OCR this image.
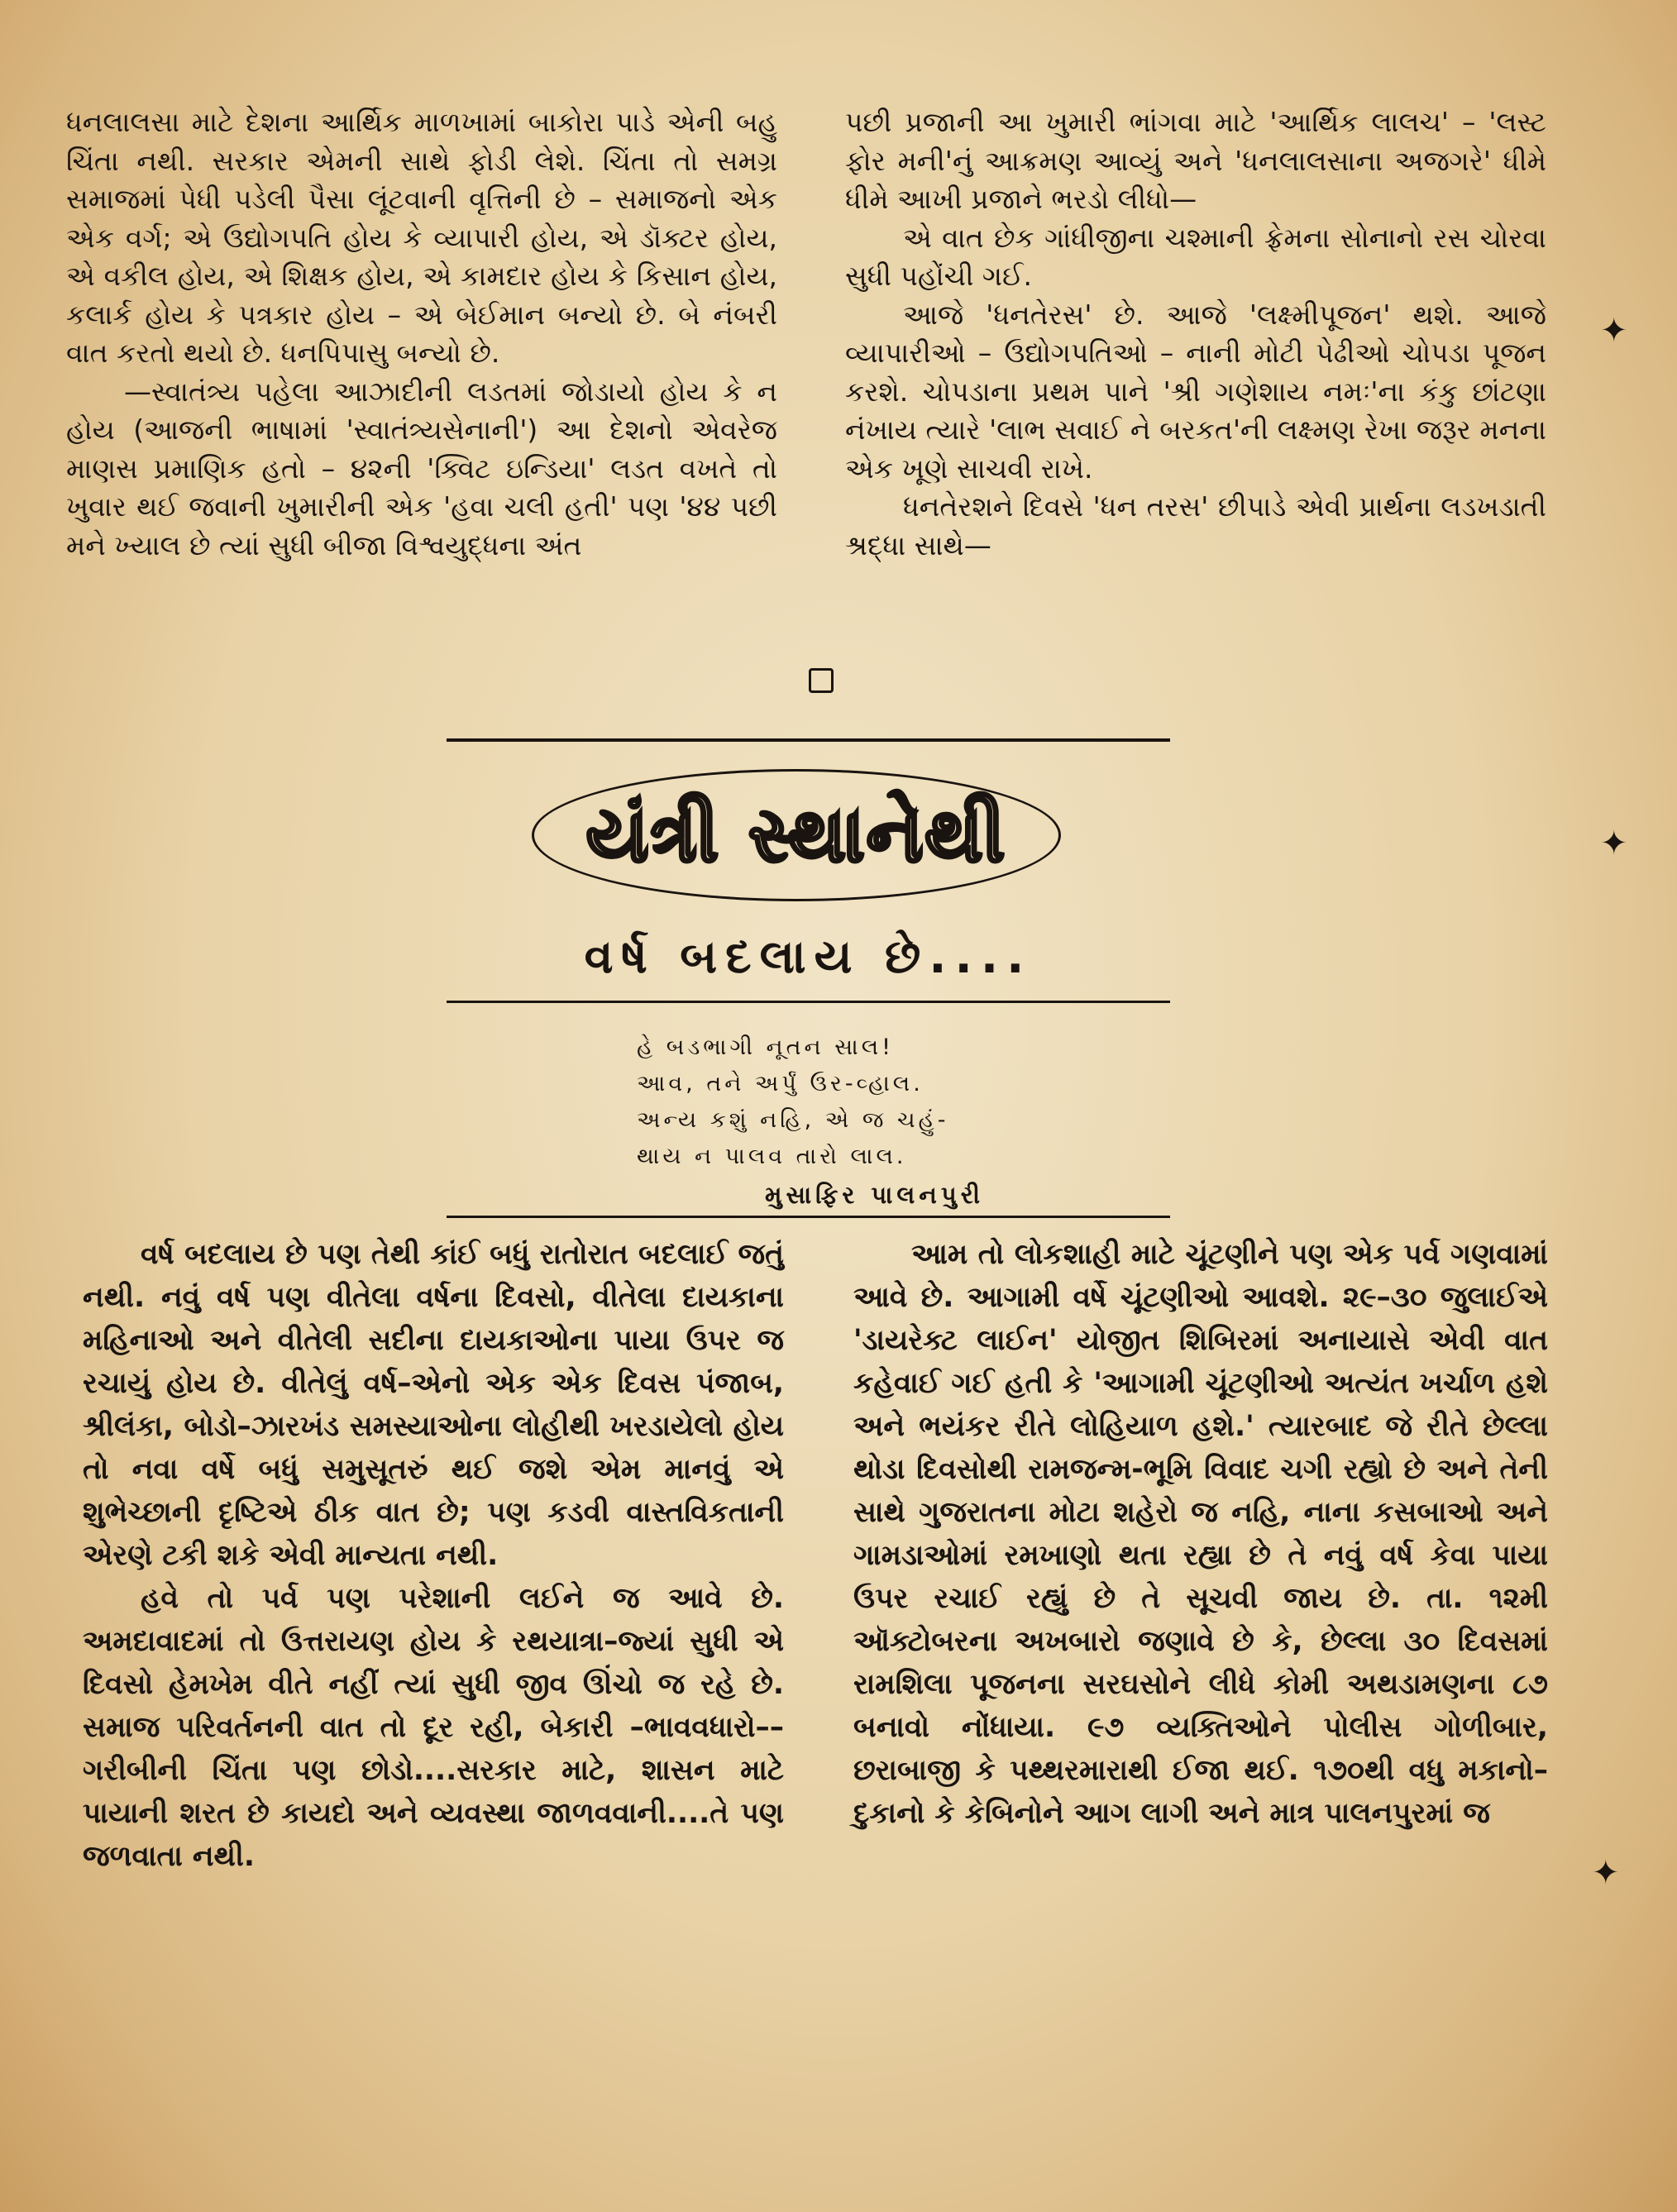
ધનલાલસા માટે દેશના આર્થિક માળખામાં બાકોરા પાડે એની બહુ ચિંતા નથી. સરકાર એમની સાથે ફોડી લેશે. ચિંતા તો સમગ્ર સમાજમાં પેધી પડેલી પૈસા લૂંટવાની વૃત્તિની છે – સમાજનો એક એક વર્ગ; એ ઉદ્યોગપતિ હોય કે વ્યાપારી હોય, એ ડૉક્ટર હોય, એ વકીલ હોય, એ શિક્ષક હોય, એ કામદાર હોય કે કિસાન હોય, કલાર્ક હોય કે પત્રકાર હોય – એ બેઈમાન બન્યો છે. બે નંબરી વાત કરતો થયો છે. ધનપિપાસુ બન્યો છે.

—સ્વાતંત્ર્ય પહેલા આઝાદીની લડતમાં જોડાયો હોય કે ન હોય (આજની ભાષામાં 'સ્વાતંત્ર્યસેનાની') આ દેશનો એવરેજ માણસ પ્રમાણિક હતો – ૪૨ની 'ક્વિટ ઇન્ડિયા' લડત વખતે તો ખુવાર થઈ જવાની ખુમારીની એક 'હવા ચલી હતી' પણ '૪૪ પછી મને ખ્યાલ છે ત્યાં સુધી બીજા વિશ્વયુદ્ધના અંત

પછી પ્રજાની આ ખુમારી ભાંગવા માટે 'આર્થિક લાલચ' – 'લસ્ટ ફોર મની'નું આક્રમણ આવ્યું અને 'ધનલાલસાના અજગરે' ધીમે ધીમે આખી પ્રજાને ભરડો લીધો—

એ વાત છેક ગાંધીજીના ચશ્માની ફ્રેમના સોનાનો રસ ચોરવા સુધી પહોંચી ગઈ.

આજે 'ધનતેરસ' છે. આજે 'લક્ષ્મીપૂજન' થશે. આજે વ્યાપારીઓ – ઉદ્યોગપતિઓ – નાની મોટી પેઢીઓ ચોપડા પૂજન કરશે. ચોપડાના પ્રથમ પાને 'શ્રી ગણેશાય નમઃ'ના કંકુ છાંટણા નંખાય ત્યારે 'લાભ સવાઈ ને બરકત'ની લક્ષ્મણ રેખા જરૂર મનના એક ખૂણે સાચવી રાખે.

ધનતેરશને દિવસે 'ધન તરસ' છીપાડે એવી પ્રાર્થના લડખડાતી શ્રદ્ધા સાથે—

યંત્રી સ્થાનેથી
વર્ષ બદલાય છે....
હે બડભાગી નૂતન સાલ!
આવ, તને અર્પું ઉર-વ્હાલ.
અન્ય કશું નહિ, એ જ ચહું-
થાય ન પાલવ તારો લાલ.
મુસાફિર પાલનપુરી

વર્ષ બદલાય છે પણ તેથી કાંઈ બધું રાતોરાત બદલાઈ જતું નથી. નવું વર્ષ પણ વીતેલા વર્ષના દિવસો, વીતેલા દાયકાના મહિનાઓ અને વીતેલી સદીના દાયકાઓના પાયા ઉપર જ રચાયું હોય છે. વીતેલું વર્ષ–એનો એક એક દિવસ પંજાબ, શ્રીલંકા, બોડો–ઝારખંડ સમસ્યાઓના લોહીથી ખરડાયેલો હોય તો નવા વર્ષે બધું સમુસૂતરું થઈ જશે એમ માનવું એ શુભેચ્છાની દૃષ્ટિએ ઠીક વાત છે; પણ કડવી વાસ્તવિકતાની એરણે ટકી શકે એવી માન્યતા નથી.

હવે તો પર્વ પણ પરેશાની લઈને જ આવે છે. અમદાવાદમાં તો ઉત્તરાયણ હોય કે રથયાત્રા–જ્યાં સુધી એ દિવસો હેમખેમ વીતે નહીં ત્યાં સુધી જીવ ઊંચો જ રહે છે. સમાજ પરિવર્તનની વાત તો દૂર રહી, બેકારી –ભાવવધારો––ગરીબીની ચિંતા પણ છોડો....સરકાર માટે, શાસન માટે પાયાની શરત છે કાયદો અને વ્યવસ્થા જાળવવાની....તે પણ જળવાતા નથી.

આમ તો લોકશાહી માટે ચૂંટણીને પણ એક પર્વ ગણવામાં આવે છે. આગામી વર્ષે ચૂંટણીઓ આવશે. ૨૯–૩૦ જુલાઈએ 'ડાયરેક્ટ લાઈન' યોજીત શિબિરમાં અનાયાસે એવી વાત કહેવાઈ ગઈ હતી કે 'આગામી ચૂંટણીઓ અત્યંત ખર્ચાળ હશે અને ભયંકર રીતે લોહિયાળ હશે.' ત્યારબાદ જે રીતે છેલ્લા થોડા દિવસોથી રામજન્મ-ભૂમિ વિવાદ ચગી રહ્યો છે અને તેની સાથે ગુજરાતના મોટા શહેરો જ નહિ, નાના કસબાઓ અને ગામડાઓમાં રમખાણો થતા રહ્યા છે તે નવું વર્ષ કેવા પાયા ઉપર રચાઈ રહ્યું છે તે સૂચવી જાય છે. તા. ૧૨મી ઑક્ટોબરના અખબારો જણાવે છે કે, છેલ્લા ૩૦ દિવસમાં રામશિલા પૂજનના સરઘસોને લીધે કોમી અથડામણના ૮૭ બનાવો નોંધાયા. ૯૭ વ્યક્તિઓને પોલીસ ગોળીબાર, છરાબાજી કે પથ્થરમારાથી ઈજા થઈ. ૧૭૦થી વધુ મકાનો–દુકાનો કે કેબિનોને આગ લાગી અને માત્ર પાલનપુરમાં જ

✦
✦
✦
